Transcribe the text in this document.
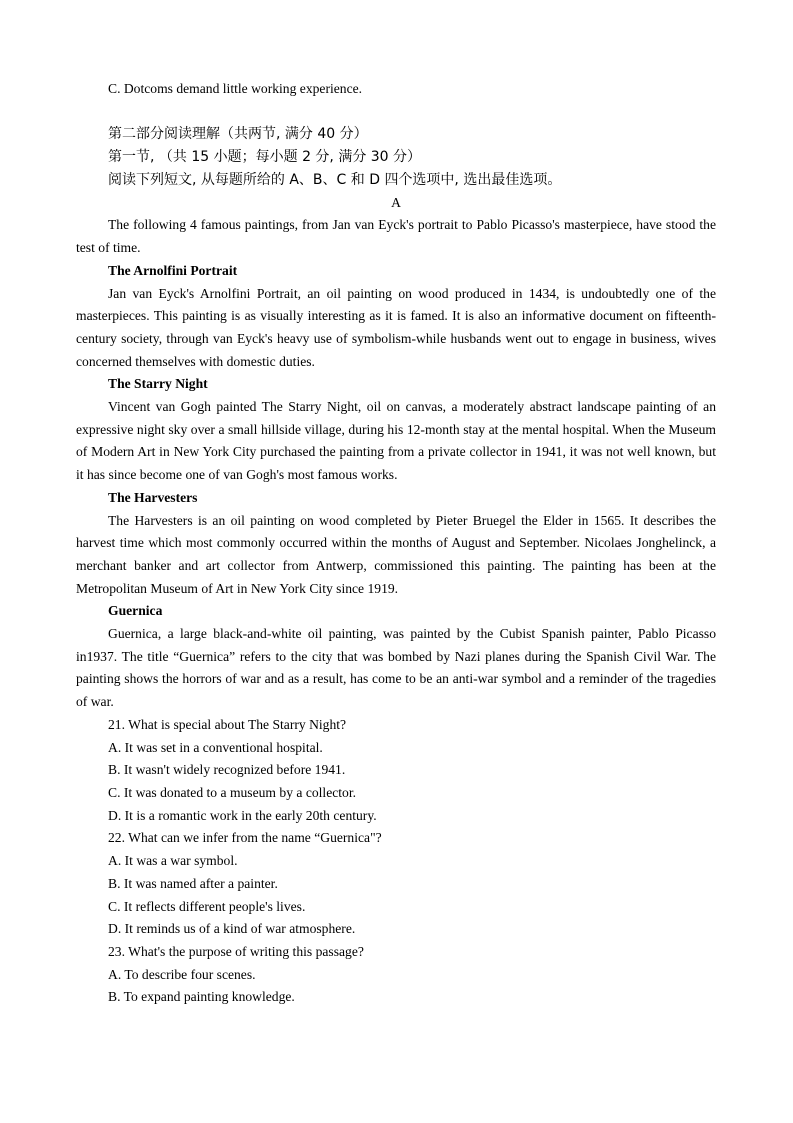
C. Dotcoms demand little working experience.

第二部分阅读理解（共两节, 满分 40 分）

第一节, （共 15 小题；每小题 2 分, 满分 30 分）

阅读下列短文, 从每题所给的 A、B、C 和 D 四个选项中, 选出最佳选项。

A

The following 4 famous paintings, from Jan van Eyck's portrait to Pablo Picasso's masterpiece, have stood the test of time.

The Arnolfini Portrait

Jan van Eyck's Arnolfini Portrait, an oil painting on wood produced in 1434, is undoubtedly one of the masterpieces. This painting is as visually interesting as it is famed. It is also an informative document on fifteenth-century society, through van Eyck's heavy use of symbolism-while husbands went out to engage in business, wives concerned themselves with domestic duties.

The Starry Night

Vincent van Gogh painted The Starry Night, oil on canvas, a moderately abstract landscape painting of an expressive night sky over a small hillside village, during his 12-month stay at the mental hospital. When the Museum of Modern Art in New York City purchased the painting from a private collector in 1941, it was not well known, but it has since become one of van Gogh's most famous works.

The Harvesters

The Harvesters is an oil painting on wood completed by Pieter Bruegel the Elder in 1565. It describes the harvest time which most commonly occurred within the months of August and September. Nicolaes Jonghelinck, a merchant banker and art collector from Antwerp, commissioned this painting. The painting has been at the Metropolitan Museum of Art in New York City since 1919.

Guernica

Guernica, a large black-and-white oil painting, was painted by the Cubist Spanish painter, Pablo Picasso in1937. The title “Guernica” refers to the city that was bombed by Nazi planes during the Spanish Civil War. The painting shows the horrors of war and as a result, has come to be an anti-war symbol and a reminder of the tragedies of war.

21. What is special about The Starry Night?

A. It was set in a conventional hospital.

B. It wasn't widely recognized before 1941.

C. It was donated to a museum by a collector.

D. It is a romantic work in the early 20th century.

22. What can we infer from the name “Guernica"?

A. It was a war symbol.

B. It was named after a painter.

C. It reflects different people's lives.

D. It reminds us of a kind of war atmosphere.

23. What's the purpose of writing this passage?

A. To describe four scenes.

B. To expand painting knowledge.
